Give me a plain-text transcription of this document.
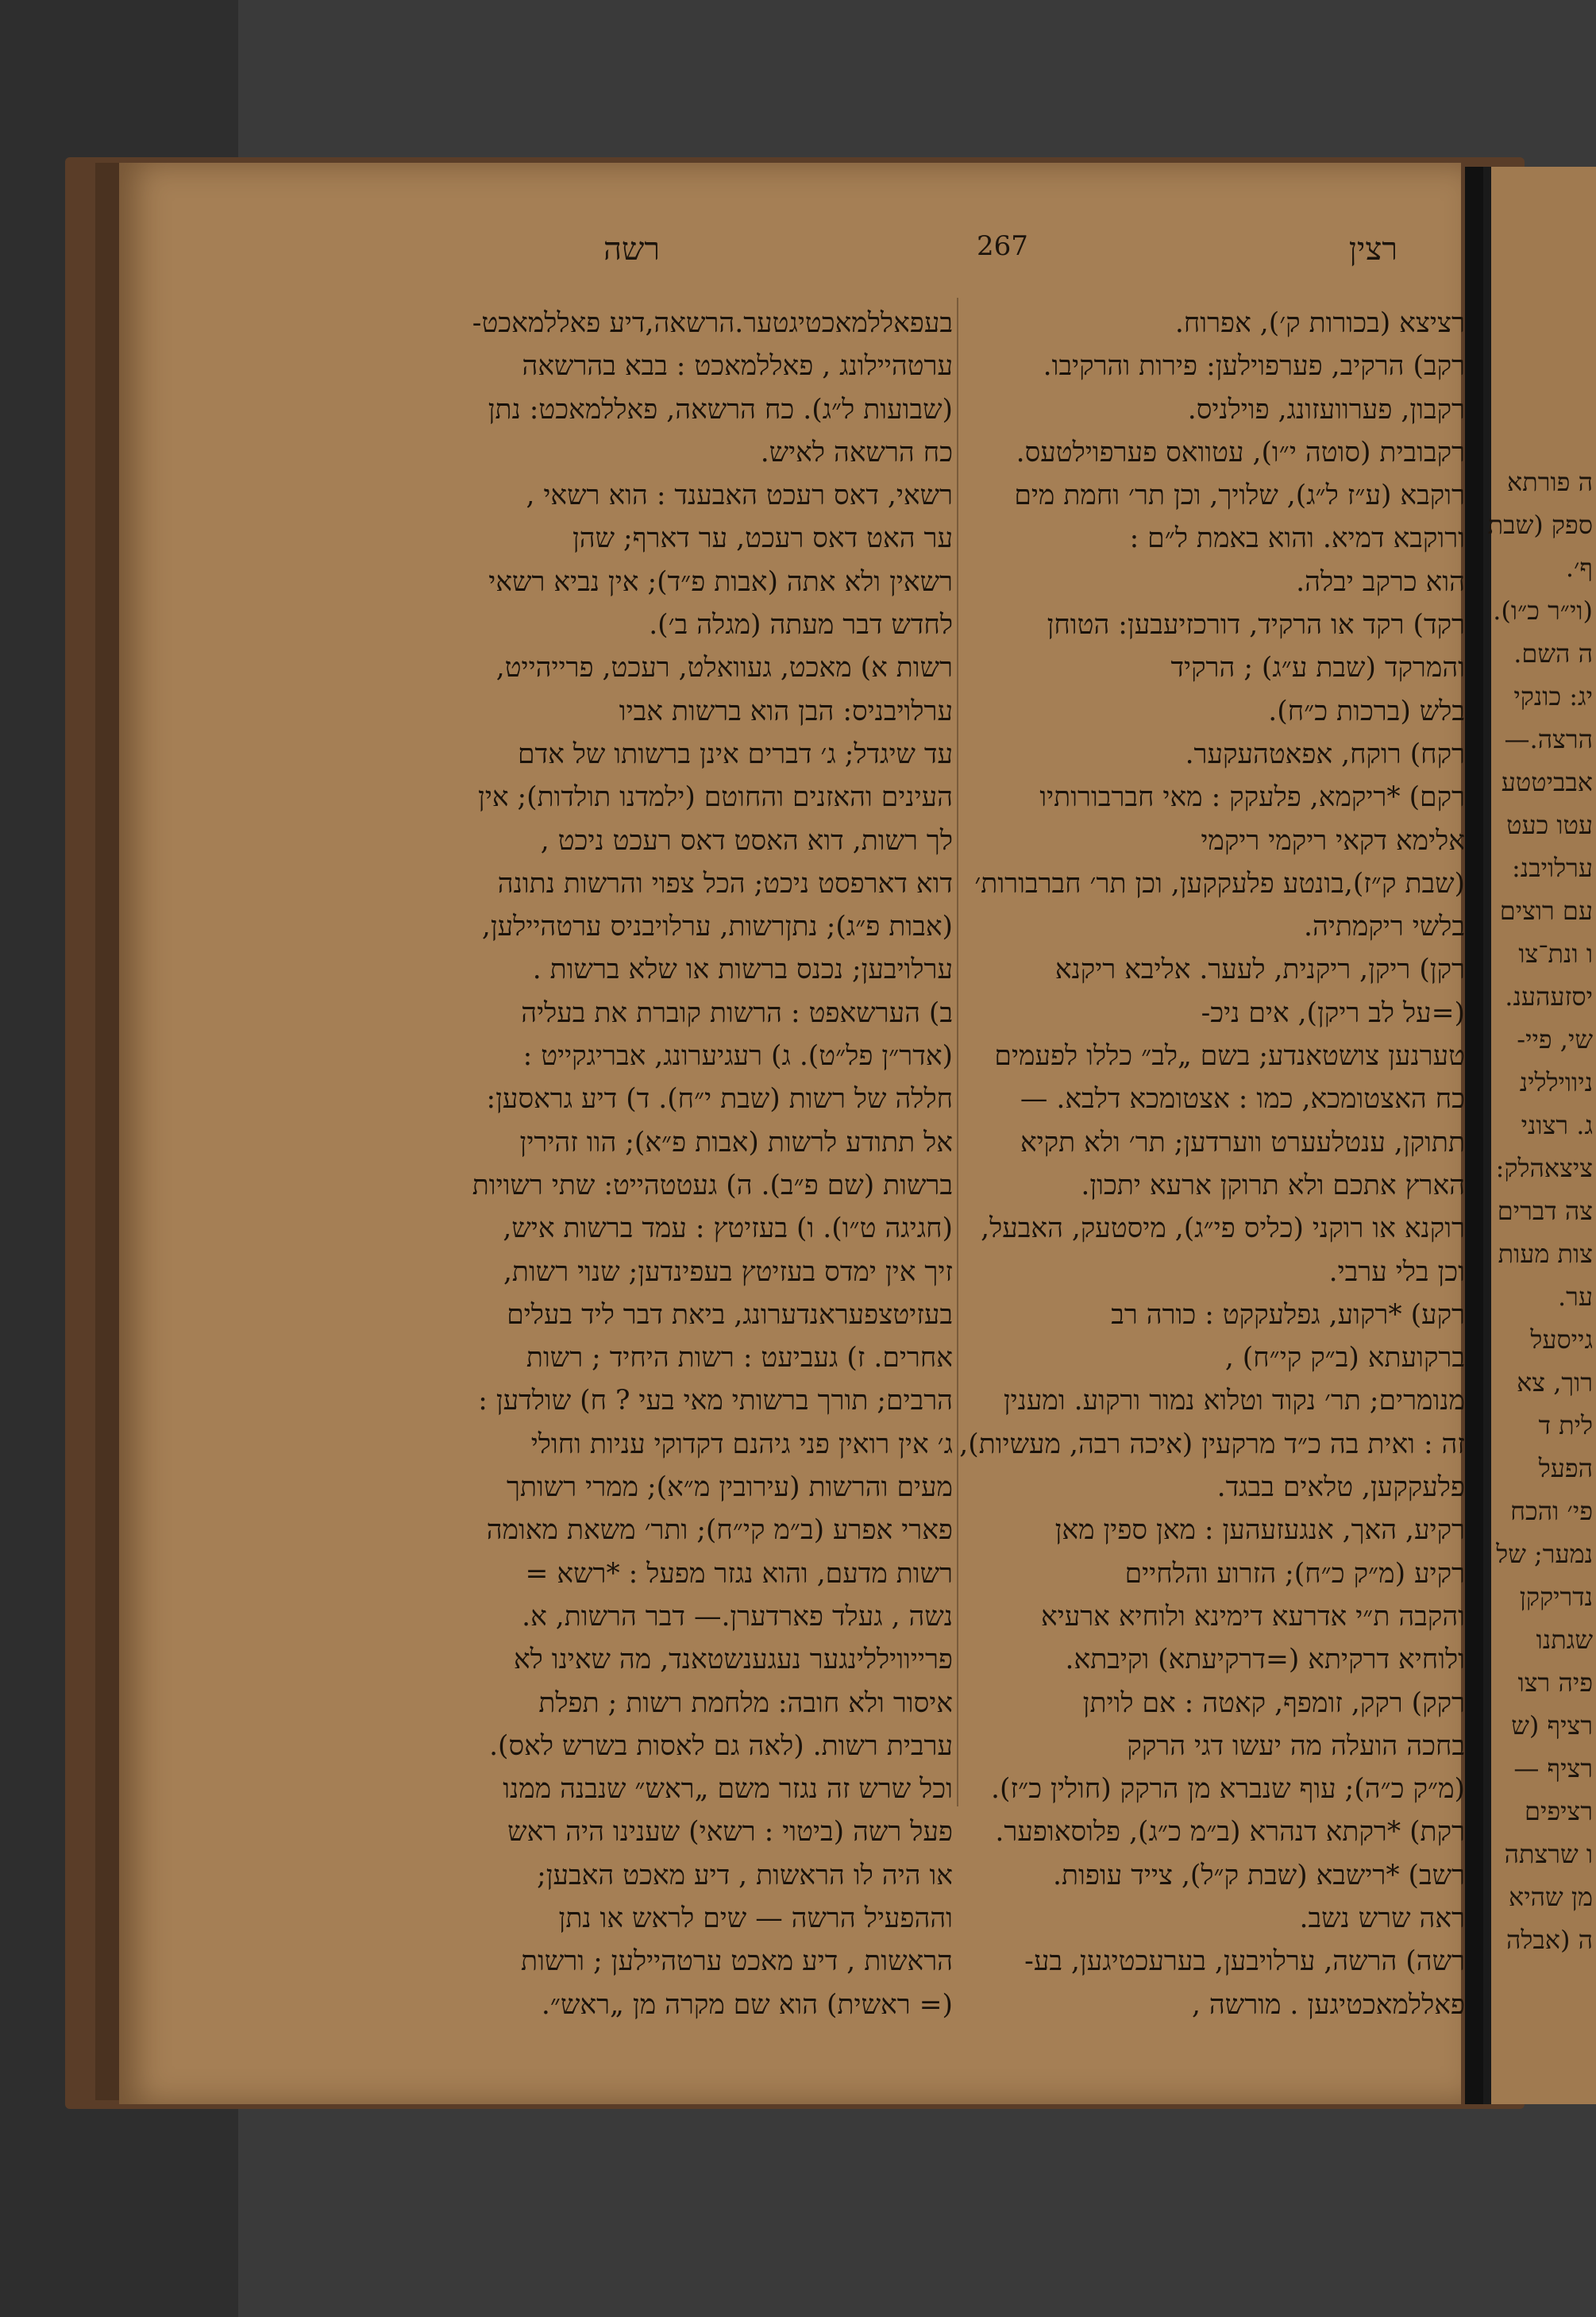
רצין
267
רשה
רציצא (בכורות ק׳), אפרוח.
רקב) הרקיב, פערפוילען: פירות והרקיבו.
רקבון, פערוועזונג, פוילניס.
רקבובית (סוטה י״ו), עטוואס פערפוילטעס.
רוקבא (ע״ז ל״ג), שלויך, וכן תר׳ וחמת מים
ורוקבא דמיא. והוא באמת ל״ם :
הוא כרקב יבלה.
רקד) רקד או הרקיד, דורכזיעבען: הטוחן
והמרקד (שבת ע״ג) ; הרקיד
בלש (ברכות כ״ח).
רקח) רוקח, אפאטהעקער.
רקם) *ריקמא, פלעקק : מאי חברבורותיו
אלימא דקאי ריקמי ריקמי
(שבת ק״ז),בונטע פלעקקען, וכן תר׳ חברבורות׳
בלשי ריקמתיה.
רקן) ריקן, ריקנית, לעער. אליבא ריקנא
(=על לב ריקן), אים ניכ-
טערנען צושטאנדע; בשם „לב״ כללו לפעמים
כח האצטומכא, כמו : אצטומכא דלבא. —
תתוקן, ענטלעערט ווערדען; תר׳ ולא תקיא
הארץ אתכם ולא תרוקן ארעא יתכון.
רוקנא או רוקני (כליס פי״ג), מיסטעק, האבעל,
וכן בלי ערבי.
רקע) *רקוע, גפלעקקט : כורה רב
ברקועתא (ב״ק קי״ח) ,
מנומרים; תר׳ נקוד וטלוא נמור ורקוע. ומענין
זה : ואית בה כ״ד מרקעין (איכה רבה, מעשיות),
פלעקקען, טלאים בבגד.
רקיע, האך, אנגעזעהען : מאן ספין מאן
רקיע (מ״ק כ״ח); הזרוע והלחיים
והקבה ת״י אדרעא דימינא ולוחיא ארעיא
ולוחיא דרקיתא (=דרקיעתא) וקיבתא.
רקק) רקק, זומפף, קאטה : אם לויתן
בחכה הועלה מה יעשו דגי הרקק
(מ״ק כ״ה); עוף שנברא מן הרקק (חולין כ״ז).
רקת) *רקתא דנהרא (ב״מ כ״ג), פלוסאופער.
רשב) *רישבא (שבת ק״ל), צייד עופות.
ראה שרש נשב.
רשה) הרשה, ערלויבען, בערעכטיגען, בע-
פאללמאכטיגען . מורשה ,
בעפאללמאכטיגטער.הרשאה,דיע פאללמאכט-
ערטהיילונג , פאללמאכט : בבא בהרשאה
(שבועות ל״ג). כח הרשאה, פאללמאכט: נתן
כח הרשאה לאיש.
רשאי, דאס רעכט האבענד : הוא רשאי ,
ער האט דאס רעכט, ער דארף; שהן
רשאין ולא אתה (אבות פ״ד); אין נביא רשאי
לחדש דבר מעתה (מגלה ב׳).
רשות א) מאכט, געוואלט, רעכט, פרייהייט,
ערלויבניס: הבן הוא ברשות אביו
עד שיגדל; ג׳ דברים אינן ברשותו של אדם
העינים והאזנים והחוטם (ילמדנו תולדות); אין
לך רשות, דוא האסט דאס רעכט ניכט ,
דוא דארפסט ניכט; הכל צפוי והרשות נתונה
(אבות פ״ג); נתןרשות, ערלויבניס ערטהיילען,
ערלויבען; נכנס ברשות או שלא ברשות .
ב) הערשאפט : הרשות קוברת את בעליה
(אדר״ן פל״ט). ג) רעגיערונג, אבריגקייט :
חללה של רשות (שבת י״ח). ד) דיע גראסען:
אל תתודע לרשות (אבות פ״א); הוו זהירין
ברשות (שם פ״ב). ה) געטטהייט: שתי רשויות
(חגיגה ט״ו). ו) בעזיטץ : עמד ברשות איש,
זיך אין ימדס בעזיטץ בעפינדען; שנוי רשות,
בעזיטצפעראנדערונג, ביאת דבר ליד בעלים
אחרים. ז) געביעט : רשות היחיד ; רשות
הרבים; תורך ברשותי מאי בעי ? ח) שולדען :
ג׳ אין רואין פני גיהנם דקדוקי עניות וחולי
מעים והרשות (עירובין מ״א); ממרי רשותך
פארי אפרע (ב״מ קי״ח); ותר׳ משאת מאומה
רשות מדעם, והוא נגזר מפעל : *רשא =
נשה , געלד פארדערן.— דבר הרשות, א.
פרייוויללינגער נעגענשטאנד, מה שאינו לא
איסור ולא חובה: מלחמת רשות ; תפלת
ערבית רשות. (לאה גם לאסות בשרש לאס).
וכל שרש זה נגזר משם „ראש״ שנבנה ממנו
פעל רשה (ביטוי : רשאי) שענינו היה ראש
או היה לו הראשות , דיע מאכט האבען;
וההפעיל הרשה — שים לראש או נתן
הראשות , דיע מאכט ערטהיילען ; ורשות
(= ראשית) הוא שם מקרה מן „ראש״.
ה פורתא
ספק (שבת
ף׳.
(וי״ר כ״ו).
ה השם.
יג: כונקי
הרצה.—
אבביטטע
עטו כעט
ערלויבנ:
עם רוצים
ו ונת־צו
יסזעהענ.
שי, פיי-
ניוויללינ
ג. רצוני
ציצאהלק:
צה דברים
צות מעות
ער.
גייסעל
רוך, צא
לית ד
הפעל
פי׳ והכח
נמער; של
נדריקקן
שגתנו
פיה רצו
רציף (ש
רציף —
רציפים
ו שרצתה
מן שהיא
ה (אבלה
